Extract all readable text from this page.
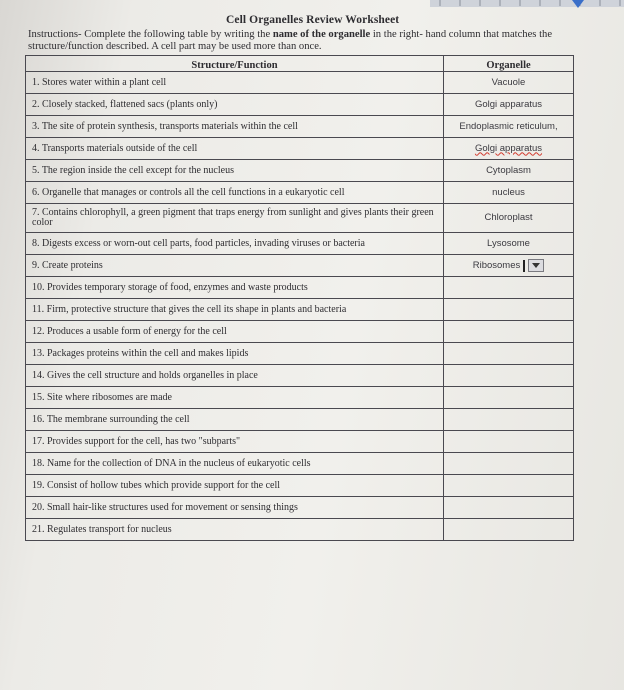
Cell Organelles Review Worksheet
Instructions- Complete the following table by writing the name of the organelle in the right- hand column that matches the structure/function described. A cell part may be used more than once.
Structure/Function	Organelle
1. Stores water within a plant cell	Vacuole
2. Closely stacked, flattened sacs (plants only)	Golgi apparatus
3. The site of protein synthesis, transports materials within the cell	Endoplasmic reticulum,
4. Transports materials outside of the cell	Golgi apparatus
5. The region inside the cell except for the nucleus	Cytoplasm
6. Organelle that manages or controls all the cell functions in a eukaryotic cell	nucleus
7. Contains chlorophyll, a green pigment that traps energy from sunlight and gives plants their green color	Chloroplast
8. Digests excess or worn-out cell parts, food particles, invading viruses or bacteria	Lysosome
9. Create proteins	Ribosomes

10. Provides temporary storage of food, enzymes and waste products	
11. Firm, protective structure that gives the cell its shape in plants and bacteria	
12. Produces a usable form of energy for the cell	
13. Packages proteins within the cell and makes lipids	
14. Gives the cell structure and holds organelles in place	
15. Site where ribosomes are made	
16. The membrane surrounding the cell	
17. Provides support for the cell, has two "subparts"	
18. Name for the collection of DNA in the nucleus of eukaryotic cells	
19. Consist of hollow tubes which provide support for the cell	
20. Small hair-like structures used for movement or sensing things	
21. Regulates transport for nucleus	
